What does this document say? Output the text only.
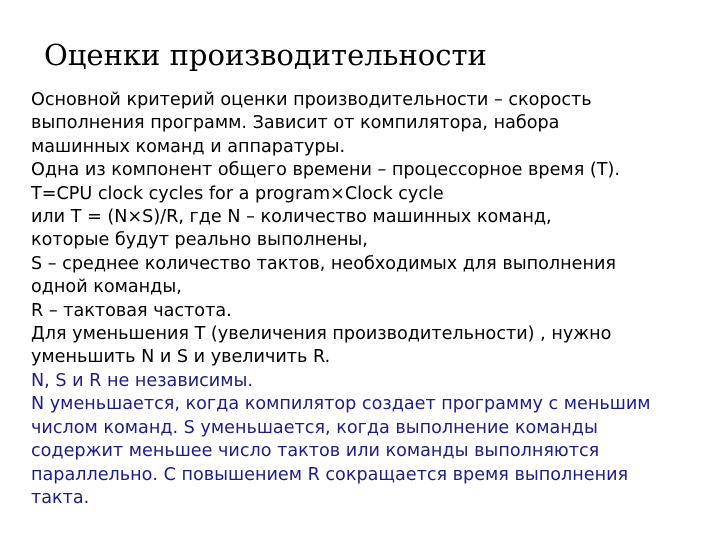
Оценки производительности
Основной критерий оценки производительности – скорость
выполнения программ. Зависит от компилятора, набора
машинных команд и аппаратуры.
Одна из компонент общего времени – процессорное время (T).
T=CPU clock cycles for a program×Clock cycle
или T = (N×S)/R, где N – количество машинных команд,
которые будут реально выполнены,
S – среднее количество тактов, необходимых для выполнения
одной команды,
R – тактовая частота.
Для уменьшения T (увеличения производительности) , нужно
уменьшить N и S и увеличить R.
N, S и R не независимы.
N уменьшается, когда компилятор создает программу с меньшим
числом команд. S уменьшается, когда выполнение команды
содержит меньшее число тактов или команды выполняются
параллельно. С повышением R сокращается время выполнения
такта.
